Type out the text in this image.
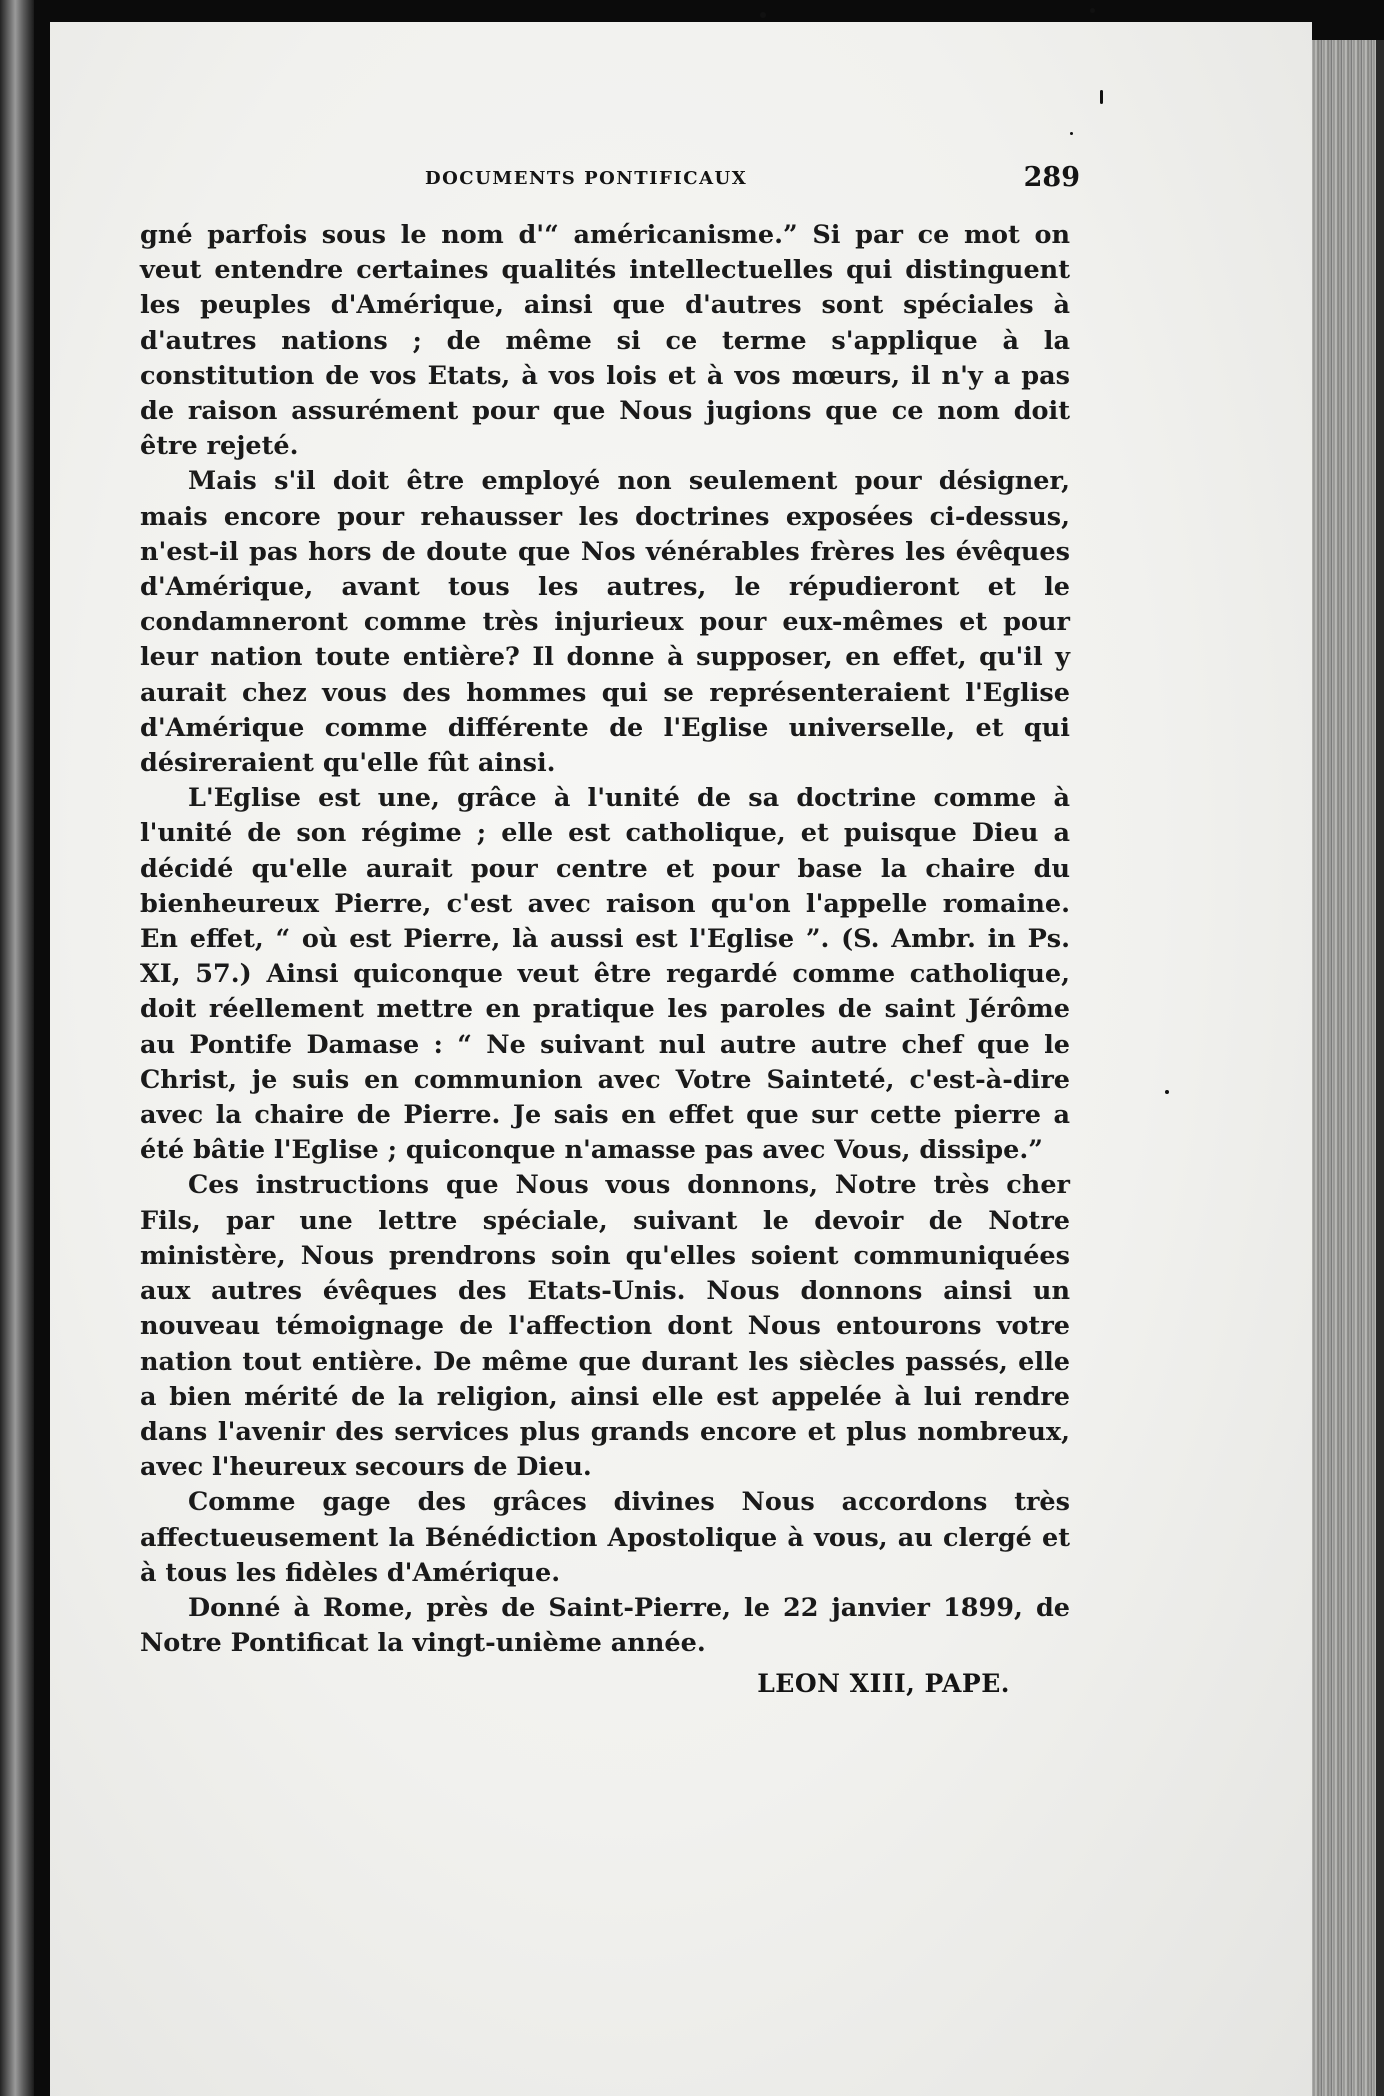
DOCUMENTS PONTIFICAUX	289

gné parfois sous le nom d'“ américanisme.” Si par ce mot on veut entendre certaines qualités intellectuelles qui distinguent les peuples d'Amérique, ainsi que d'autres sont spéciales à d'autres nations ; de même si ce terme s'applique à la constitution de vos Etats, à vos lois et à vos mœurs, il n'y a pas de raison assurément pour que Nous jugions que ce nom doit être rejeté.

Mais s'il doit être employé non seulement pour désigner, mais encore pour rehausser les doctrines exposées ci-dessus, n'est-il pas hors de doute que Nos vénérables frères les évêques d'Amérique, avant tous les autres, le répudieront et le condamneront comme très injurieux pour eux-mêmes et pour leur nation toute entière? Il donne à supposer, en effet, qu'il y aurait chez vous des hommes qui se représenteraient l'Eglise d'Amérique comme différente de l'Eglise universelle, et qui désireraient qu'elle fût ainsi.

L'Eglise est une, grâce à l'unité de sa doctrine comme à l'unité de son régime ; elle est catholique, et puisque Dieu a décidé qu'elle aurait pour centre et pour base la chaire du bienheureux Pierre, c'est avec raison qu'on l'appelle romaine. En effet, “ où est Pierre, là aussi est l'Eglise ”. (S. Ambr. in Ps. XI, 57.) Ainsi quiconque veut être regardé comme catholique, doit réellement mettre en pratique les paroles de saint Jérôme au Pontife Damase : “ Ne suivant nul autre autre chef que le Christ, je suis en communion avec Votre Sainteté, c'est-à-dire avec la chaire de Pierre. Je sais en effet que sur cette pierre a été bâtie l'Eglise ; quiconque n'amasse pas avec Vous, dissipe.”

Ces instructions que Nous vous donnons, Notre très cher Fils, par une lettre spéciale, suivant le devoir de Notre ministère, Nous prendrons soin qu'elles soient communiquées aux autres évêques des Etats-Unis. Nous donnons ainsi un nouveau témoignage de l'affection dont Nous entourons votre nation tout entière. De même que durant les siècles passés, elle a bien mérité de la religion, ainsi elle est appelée à lui rendre dans l'avenir des services plus grands encore et plus nombreux, avec l'heureux secours de Dieu.

Comme gage des grâces divines Nous accordons très affectueusement la Bénédiction Apostolique à vous, au clergé et à tous les fidèles d'Amérique.

Donné à Rome, près de Saint-Pierre, le 22 janvier 1899, de Notre Pontificat la vingt-unième année.

LEON XIII, PAPE.
